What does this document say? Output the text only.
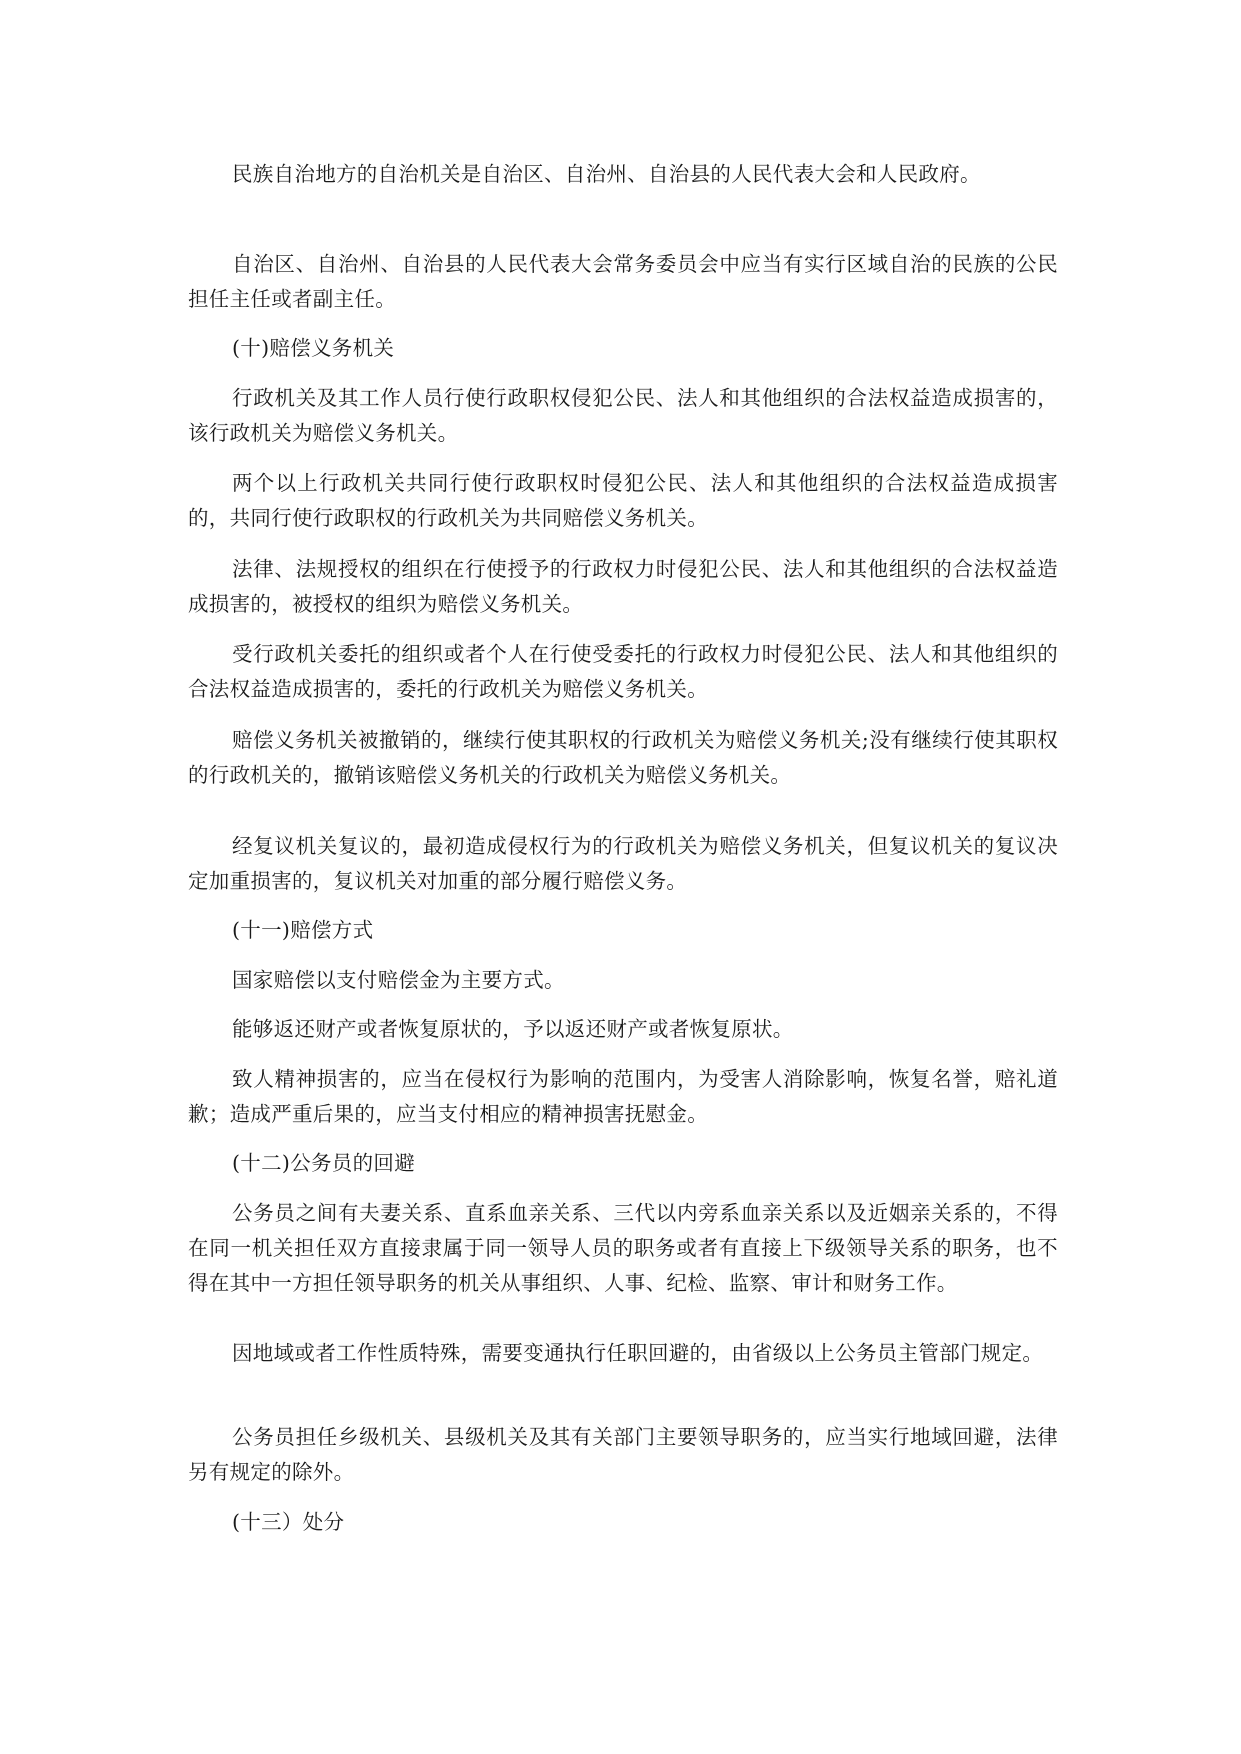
民族自治地方的自治机关是自治区、自治州、自治县的人民代表大会和人民政府。

自治区、自治州、自治县的人民代表大会常务委员会中应当有实行区域自治的民族的公民担任主任或者副主任。

(十)赔偿义务机关

行政机关及其工作人员行使行政职权侵犯公民、法人和其他组织的合法权益造成损害的，该行政机关为赔偿义务机关。

两个以上行政机关共同行使行政职权时侵犯公民、法人和其他组织的合法权益造成损害的，共同行使行政职权的行政机关为共同赔偿义务机关。

法律、法规授权的组织在行使授予的行政权力时侵犯公民、法人和其他组织的合法权益造成损害的，被授权的组织为赔偿义务机关。

受行政机关委托的组织或者个人在行使受委托的行政权力时侵犯公民、法人和其他组织的合法权益造成损害的，委托的行政机关为赔偿义务机关。

赔偿义务机关被撤销的，继续行使其职权的行政机关为赔偿义务机关;没有继续行使其职权的行政机关的，撤销该赔偿义务机关的行政机关为赔偿义务机关。

经复议机关复议的，最初造成侵权行为的行政机关为赔偿义务机关，但复议机关的复议决定加重损害的，复议机关对加重的部分履行赔偿义务。

(十一)赔偿方式

国家赔偿以支付赔偿金为主要方式。

能够返还财产或者恢复原状的，予以返还财产或者恢复原状。

致人精神损害的，应当在侵权行为影响的范围内，为受害人消除影响，恢复名誉，赔礼道歉；造成严重后果的，应当支付相应的精神损害抚慰金。

(十二)公务员的回避

公务员之间有夫妻关系、直系血亲关系、三代以内旁系血亲关系以及近姻亲关系的，不得在同一机关担任双方直接隶属于同一领导人员的职务或者有直接上下级领导关系的职务，也不得在其中一方担任领导职务的机关从事组织、人事、纪检、监察、审计和财务工作。

因地域或者工作性质特殊，需要变通执行任职回避的，由省级以上公务员主管部门规定。

公务员担任乡级机关、县级机关及其有关部门主要领导职务的，应当实行地域回避，法律另有规定的除外。

(十三）处分
